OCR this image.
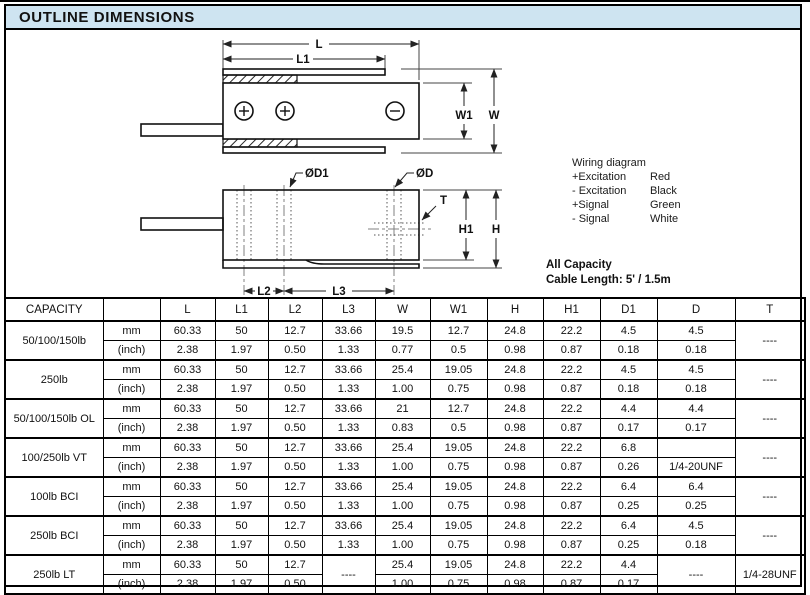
OUTLINE DIMENSIONS
L
L1
W1 W
H1 H
L2	L3
ØD1	ØD
T
Wiring diagram
+Excitation	Red
- Excitation	Black
+Signal	Green
- Signal	White
All Capacity
Cable Length: 5' / 1.5m
CAPACITY		L	L1	L2	L3	W	W1	H	H1	D1	D	T
50/100/150lb	mm	60.33	50	12.7	33.66	19.5	12.7	24.8	22.2	4.5	4.5	----
	(inch)	2.38	1.97	0.50	1.33	0.77	0.5	0.98	0.87	0.18	0.18	
250lb	mm	60.33	50	12.7	33.66	25.4	19.05	24.8	22.2	4.5	4.5	----
	(inch)	2.38	1.97	0.50	1.33	1.00	0.75	0.98	0.87	0.18	0.18	
50/100/150lb OL	mm	60.33	50	12.7	33.66	21	12.7	24.8	22.2	4.4	4.4	----
	(inch)	2.38	1.97	0.50	1.33	0.83	0.5	0.98	0.87	0.17	0.17	
100/250lb VT	mm	60.33	50	12.7	33.66	25.4	19.05	24.8	22.2	6.8		----
	(inch)	2.38	1.97	0.50	1.33	1.00	0.75	0.98	0.87	0.26	1/4-20UNF	
100lb BCI	mm	60.33	50	12.7	33.66	25.4	19.05	24.8	22.2	6.4	6.4	----
	(inch)	2.38	1.97	0.50	1.33	1.00	0.75	0.98	0.87	0.25	0.25	
250lb BCI	mm	60.33	50	12.7	33.66	25.4	19.05	24.8	22.2	6.4	4.5	----
	(inch)	2.38	1.97	0.50	1.33	1.00	0.75	0.98	0.87	0.25	0.18	
250lb LT	mm	60.33	50	12.7	----	25.4	19.05	24.8	22.2	4.4	----	1/4-28UNF
	(inch)	2.38	1.97	0.50		1.00	0.75	0.98	0.87	0.17		
